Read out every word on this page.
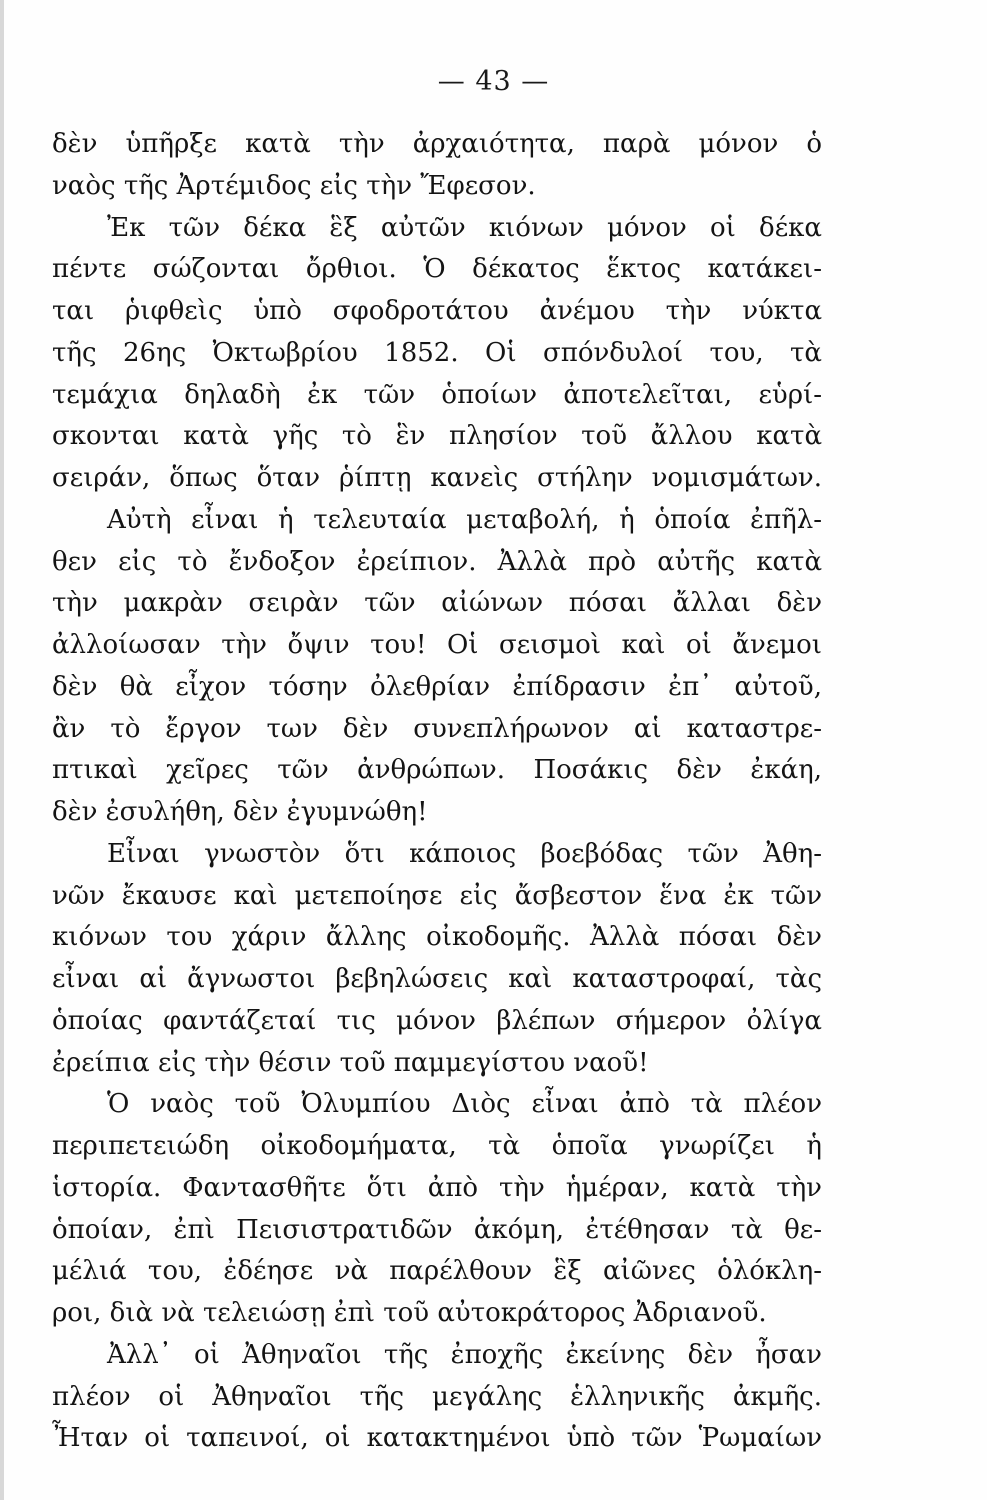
— 43 —
δὲν ὑπῆρξε κατὰ τὴν ἀρχαιότητα, παρὰ μόνον ὁ
ναὸς τῆς Ἀρτέμιδος εἰς τὴν Ἔφεσον.
Ἐκ τῶν δέκα ἓξ αὐτῶν κιόνων μόνον οἱ δέκα
πέντε σώζονται ὄρθιοι. Ὁ δέκατος ἕκτος κατάκει-
ται ῥιφθεὶς ὑπὸ σφοδροτάτου ἀνέμου τὴν νύκτα
τῆς 26ης Ὀκτωβρίου 1852. Οἱ σπόνδυλοί του, τὰ
τεμάχια δηλαδὴ ἐκ τῶν ὁποίων ἀποτελεῖται, εὑρί-
σκονται κατὰ γῆς τὸ ἓν πλησίον τοῦ ἄλλου κατὰ
σειράν, ὅπως ὅταν ῥίπτῃ κανεὶς στήλην νομισμάτων.
Αὐτὴ εἶναι ἡ τελευταία μεταβολή, ἡ ὁποία ἐπῆλ-
θεν εἰς τὸ ἔνδοξον ἐρείπιον. Ἀλλὰ πρὸ αὐτῆς κατὰ
τὴν μακρὰν σειρὰν τῶν αἰώνων πόσαι ἄλλαι δὲν
ἀλλοίωσαν τὴν ὄψιν του! Οἱ σεισμοὶ καὶ οἱ ἄνεμοι
δὲν θὰ εἶχον τόσην ὀλεθρίαν ἐπίδρασιν ἐπ᾽ αὐτοῦ,
ἂν τὸ ἔργον των δὲν συνεπλήρωνον αἱ καταστρε-
πτικαὶ χεῖρες τῶν ἀνθρώπων. Ποσάκις δὲν ἐκάη,
δὲν ἐσυλήθη, δὲν ἐγυμνώθη!
Εἶναι γνωστὸν ὅτι κάποιος βοεβόδας τῶν Ἀθη-
νῶν ἔκαυσε καὶ μετεποίησε εἰς ἄσβεστον ἕνα ἐκ τῶν
κιόνων του χάριν ἄλλης οἰκοδομῆς. Ἀλλὰ πόσαι δὲν
εἶναι αἱ ἄγνωστοι βεβηλώσεις καὶ καταστροφαί, τὰς
ὁποίας φαντάζεταί τις μόνον βλέπων σήμερον ὀλίγα
ἐρείπια εἰς τὴν θέσιν τοῦ παμμεγίστου ναοῦ!
Ὁ ναὸς τοῦ Ὀλυμπίου Διὸς εἶναι ἀπὸ τὰ πλέον
περιπετειώδη οἰκοδομήματα, τὰ ὁποῖα γνωρίζει ἡ
ἱστορία. Φαντασθῆτε ὅτι ἀπὸ τὴν ἡμέραν, κατὰ τὴν
ὁποίαν, ἐπὶ Πεισιστρατιδῶν ἀκόμη, ἐτέθησαν τὰ θε-
μέλιά του, ἐδέησε νὰ παρέλθουν ἓξ αἰῶνες ὁλόκλη-
ροι, διὰ νὰ τελειώσῃ ἐπὶ τοῦ αὐτοκράτορος Ἀδριανοῦ.
Ἀλλ᾽ οἱ Ἀθηναῖοι τῆς ἐποχῆς ἐκείνης δὲν ἦσαν
πλέον οἱ Ἀθηναῖοι τῆς μεγάλης ἑλληνικῆς ἀκμῆς.
Ἦταν οἱ ταπεινοί, οἱ κατακτημένοι ὑπὸ τῶν Ῥωμαίων
